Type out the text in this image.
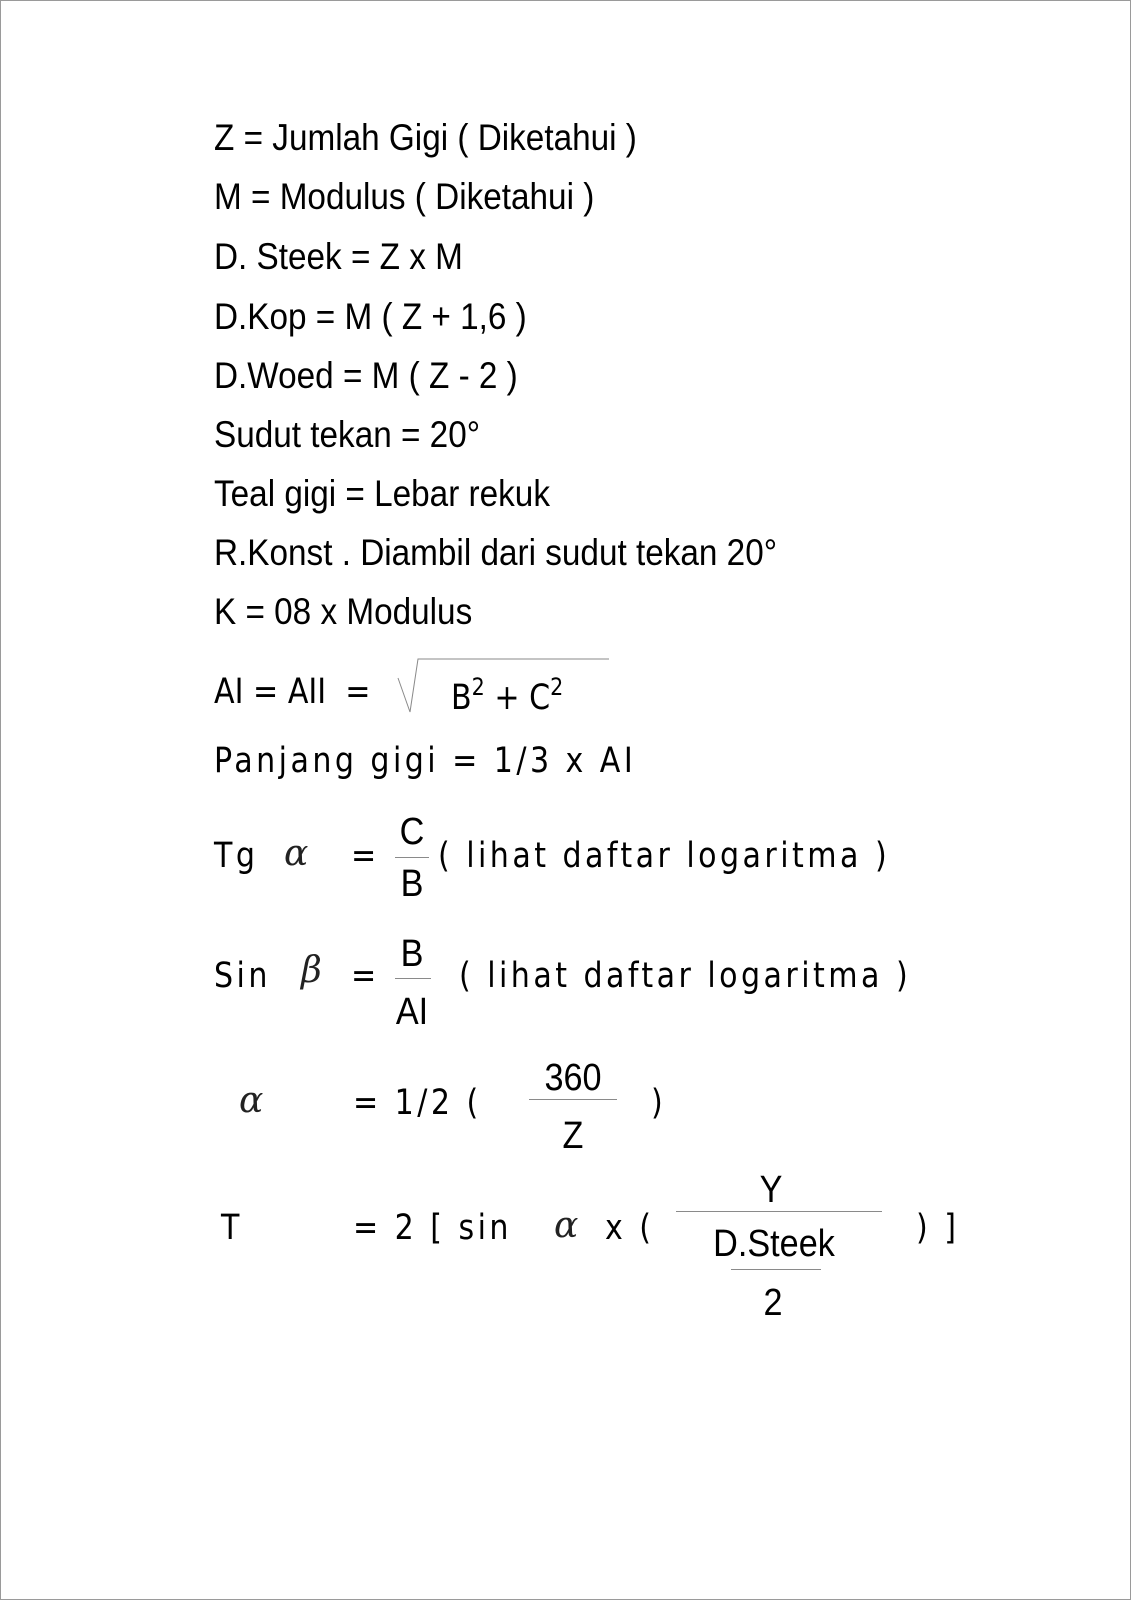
Z = Jumlah Gigi ( Diketahui )
M = Modulus ( Diketahui )
D. Steek = Z x M
D.Kop = M ( Z + 1,6 )
D.Woed = M ( Z - 2 )
Sudut tekan = 20°
Teal gigi = Lebar rekuk
R.Konst . Diambil dari sudut tekan 20°
K = 08 x Modulus
AI = AII  = $B^2 + C^2$
Panjang gigi = 1/3 x AI
Tg α =
C
B
( lihat daftar logaritma )
Sin β =
B
AI
( lihat daftar logaritma )
α	= 1/2 (
360
Z
)
T	= 2 [ sin α x (
Y
D.Steek
2
) ]
